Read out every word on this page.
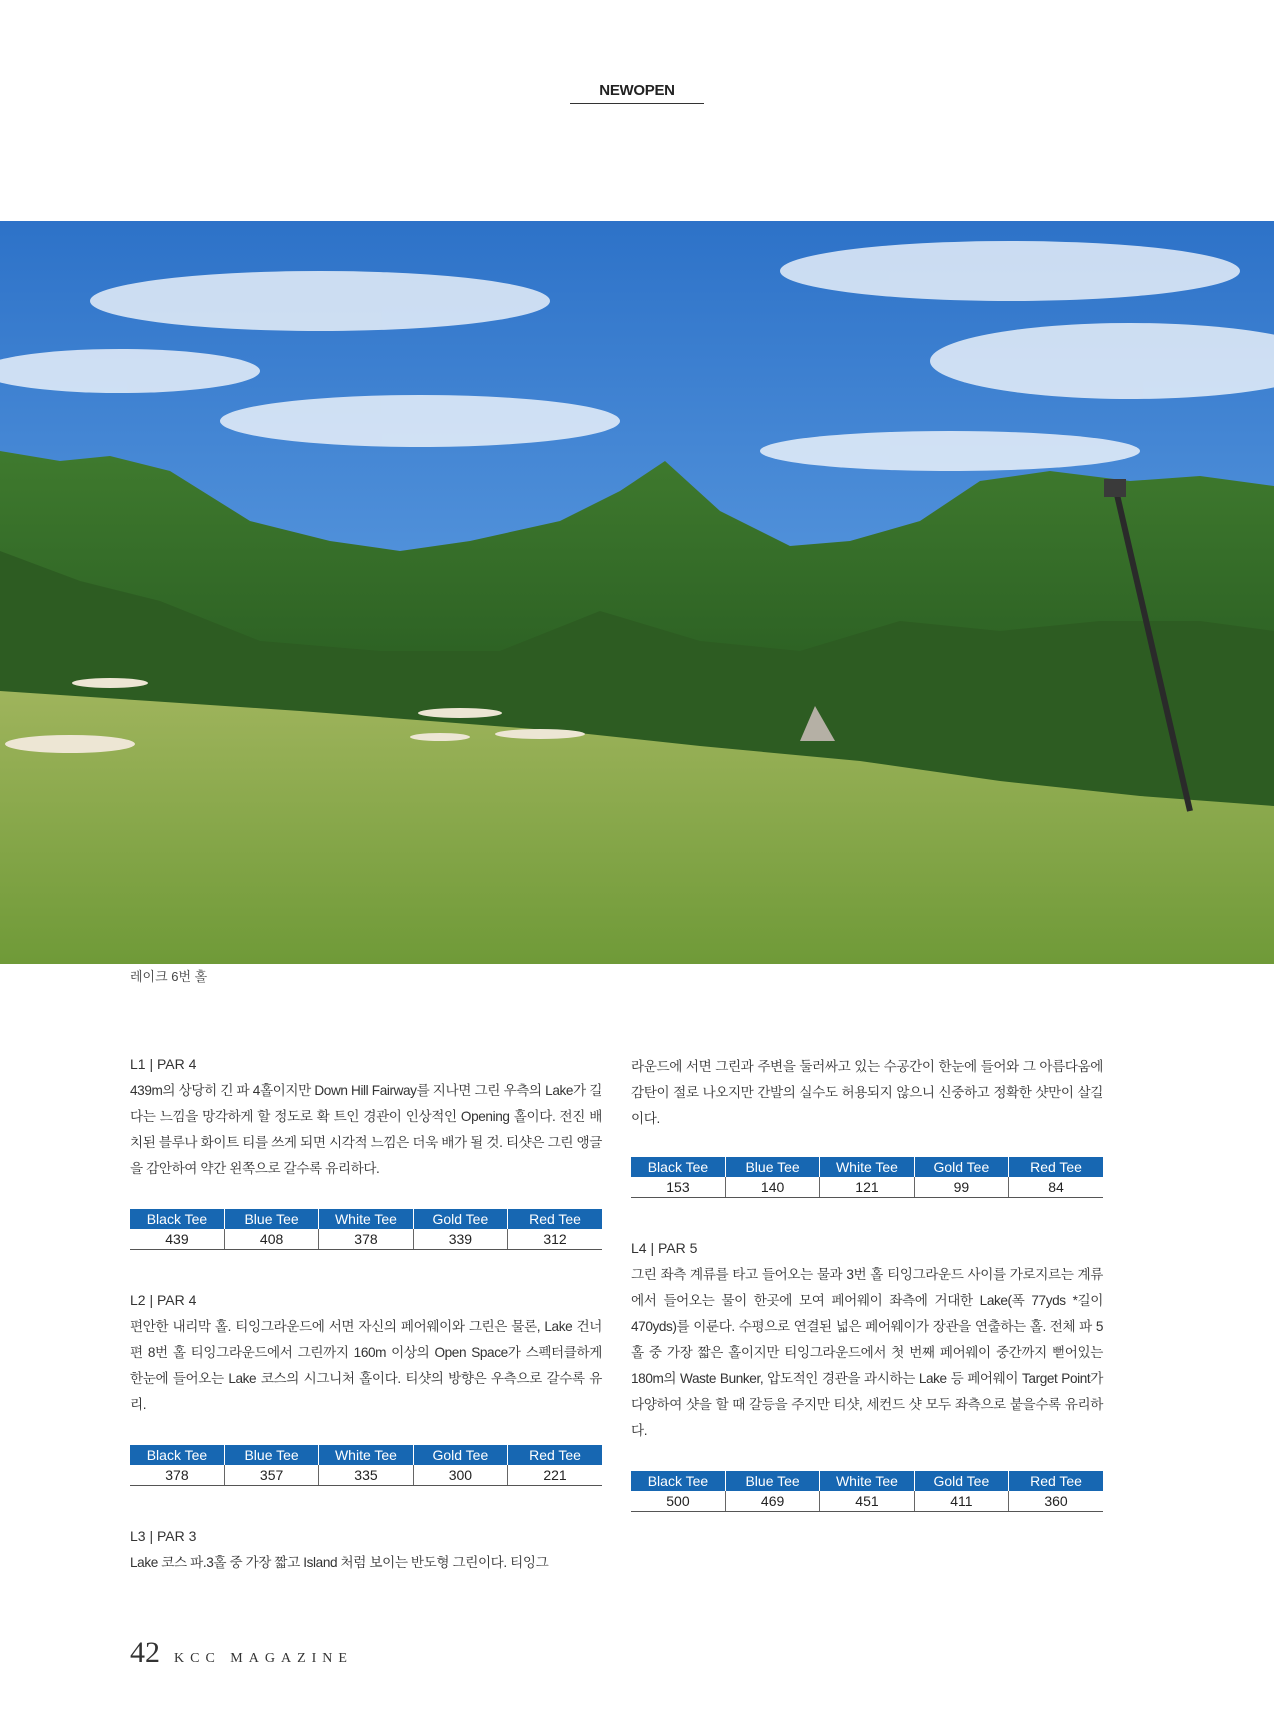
NEWOPEN
레이크 6번 홀
L1 | PAR 4

439m의 상당히 긴 파 4홀이지만 Down Hill Fairway를 지나면 그린 우측의 Lake가 길다는 느낌을 망각하게 할 정도로 확 트인 경관이 인상적인 Opening 홀이다. 전진 배치된 블루나 화이트 티를 쓰게 되면 시각적 느낌은 더욱 배가 될 것. 티샷은 그린 앵글을 감안하여 약간 왼쪽으로 갈수록 유리하다.

Black Tee	Blue Tee	White Tee	Gold Tee	Red Tee
439	408	378	339	312
L2 | PAR 4

편안한 내리막 홀. 티잉그라운드에 서면 자신의 페어웨이와 그린은 물론, Lake 건너편 8번 홀 티잉그라운드에서 그린까지 160m 이상의 Open Space가 스펙터클하게 한눈에 들어오는 Lake 코스의 시그니처 홀이다. 티샷의 방향은 우측으로 갈수록 유리.

Black Tee	Blue Tee	White Tee	Gold Tee	Red Tee
378	357	335	300	221
L3 | PAR 3

Lake 코스 파.3홀 중 가장 짧고 Island 처럼 보이는 반도형 그린이다. 티잉그

라운드에 서면 그린과 주변을 둘러싸고 있는 수공간이 한눈에 들어와 그 아름다움에 감탄이 절로 나오지만 간발의 실수도 허용되지 않으니 신중하고 정확한 샷만이 살길이다.

Black Tee	Blue Tee	White Tee	Gold Tee	Red Tee
153	140	121	99	84
L4 | PAR 5

그린 좌측 계류를 타고 들어오는 물과 3번 홀 티잉그라운드 사이를 가로지르는 계류에서 들어오는 물이 한곳에 모여 페어웨이 좌측에 거대한 Lake(폭 77yds *길이 470yds)를 이룬다. 수평으로 연결된 넓은 페어웨이가 장관을 연출하는 홀. 전체 파 5홀 중 가장 짧은 홀이지만 티잉그라운드에서 첫 번째 페어웨이 중간까지 뻗어있는 180m의 Waste Bunker, 압도적인 경관을 과시하는 Lake 등 페어웨이 Target Point가 다양하여 샷을 할 때 갈등을 주지만 티샷, 세컨드 샷 모두 좌측으로 붙을수록 유리하다.

Black Tee	Blue Tee	White Tee	Gold Tee	Red Tee
500	469	451	411	360
42 KCC MAGAZINE
